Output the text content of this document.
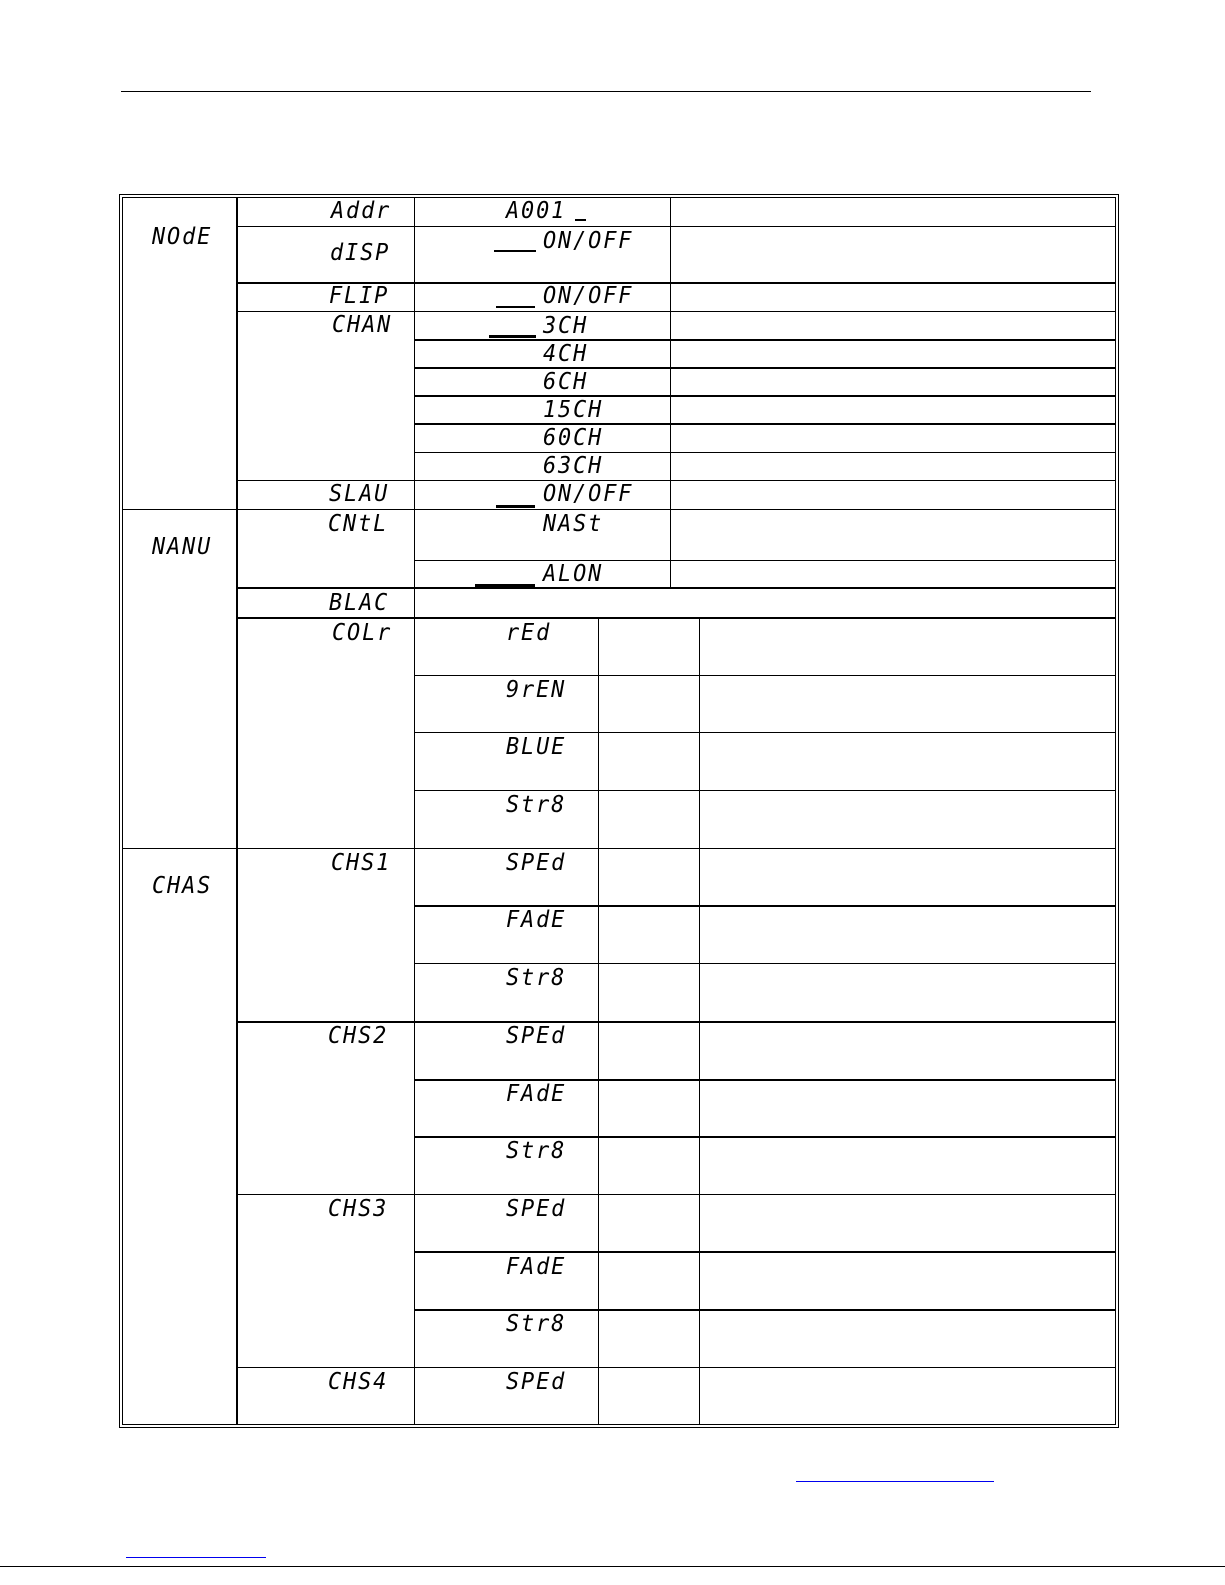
NOdE
NANU
CHAS
Addr
dISP
FLIP
CHAN
SLAU
CNtL
BLAC
COLr
CHS1
CHS2
CHS3
CHS4
A001
ON/OFF
ON/OFF
3CH
4CH
6CH
15CH
60CH
63CH
ON/OFF
NASt
ALON
rEd
9rEN
BLUE
Str8
SPEd
FAdE
Str8
SPEd
FAdE
Str8
SPEd
FAdE
Str8
SPEd
